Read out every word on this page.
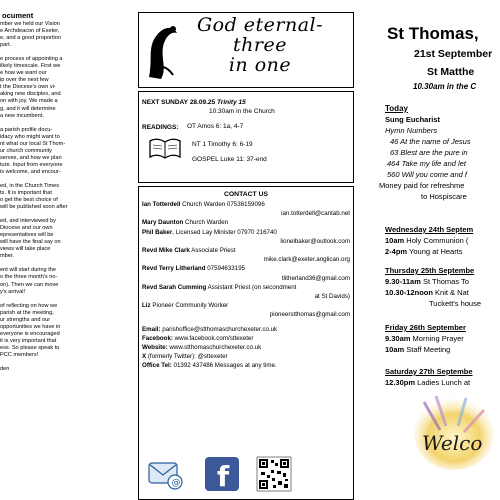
ocument

mber we held our Vision

e Archdeacon of Exeter,

e, and a good proportion

part.

e process of appointing a

ilkely timescale. First we

e how we want our

ip over the next few

t the Diocese's own vi-

aking new disciples, and

on with joy. We made a

g, and it will determine

a new incumbent.

a parish profile docu-

idacy who might want to

nt what our local St Thom-

ur church community

serves, and how we plan

ture. Input from everyone

is welcome, and encour-

ed, in the Church Times

ts. It is important that

o get the best choice of

will be published soon after

ed, and interviewed by

Diocese and our own

epresentatives will be

will have the final say on

views will take place

mber.

ent will start during the

o the three month's no-

on). Then we can move

y's arrival!

of reflecting on how we

parish at the meeting,

ur strengths and our

opportunities we have in

everyone is encouraged

it is very important that

ess. So please speak to

PCC members!

den

God eternal-
three
in one
NEXT SUNDAY 28.09.25 Trinity 15
10.30am in the Church
READINGS: OT Amos 6: 1a, 4-7
NT 1 Timothy 6: 6-19
GOSPEL Luke 11: 37-end
CONTACT US
Ian Totterdell Church Warden 07536159096
ian.totterdell@cantab.net
Mary Daunton Church Warden
Phil Baker, Licensed Lay Minister 07970 216740
lionelbaker@outlook.com
Revd Mike Clark Associate Priest
mike.clark@exeter.anglican.org
Revd Terry Litherland 07594633195
tlitherland36@gmail.com
Revd Sarah Cumming Assistant Priest (on secondment
at St Davids)
Liz Pioneer Community Worker
pioneerstthomas@gmail.com
Email: parishoffice@stthomaschurchexeter.co.uk
Facebook: www.facebook.com/sttexeter
Website: www.stthomaschurchexeter.co.uk
X (formerly Twitter): @sttexeter
Office Tel: 01392 437486 Messages at any time.
@ f
St Thomas,
21st September
St Matthe
10.30am in the C
Today
Sung Eucharist
Hymn Numbers
46 At the name of Jesus
63 Blest are the pure in
464 Take my life and let
560 Will you come and f
Money paid for refreshme
to Hospiscare
Wednesday 24th Septem
10am Holy Communion (
2-4pm Young at Hearts
Thursday 25th Septembe
9.30-11am St Thomas To
10.30-12noon Knit & Nat
Tuckett's house
Friday 26th September
9.30am Morning Prayer
10am Staff Meeting
Saturday 27th Septembe
12.30pm Ladies Lunch at
Welco
